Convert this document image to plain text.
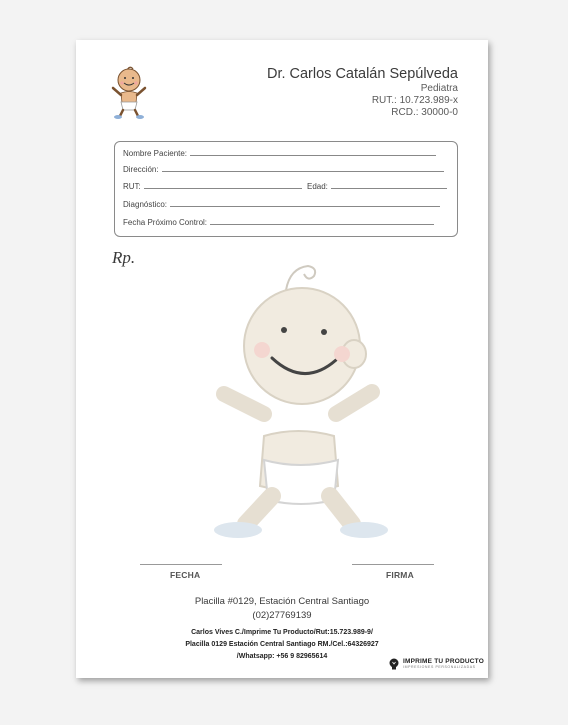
Dr. Carlos Catalán Sepúlveda
Pediatra
RUT.: 10.723.989-x
RCD.: 30000-0
Nombre Paciente:
Dirección:
RUT:	Edad:
Diagnóstico:
Fecha Próximo Control:
Rp.
FECHA	FIRMA
Placilla #0129, Estación Central Santiago
(02)27769139
Carlos Vives C./Imprime Tu Producto/Rut:15.723.989-9/
Placilla 0129 Estación Central Santiago RM./Cel.:64326927
/Whatsapp: +56 9 82965614
IMPRIME TU PRODUCTO
IMPRESIONES PERSONALIZADAS
